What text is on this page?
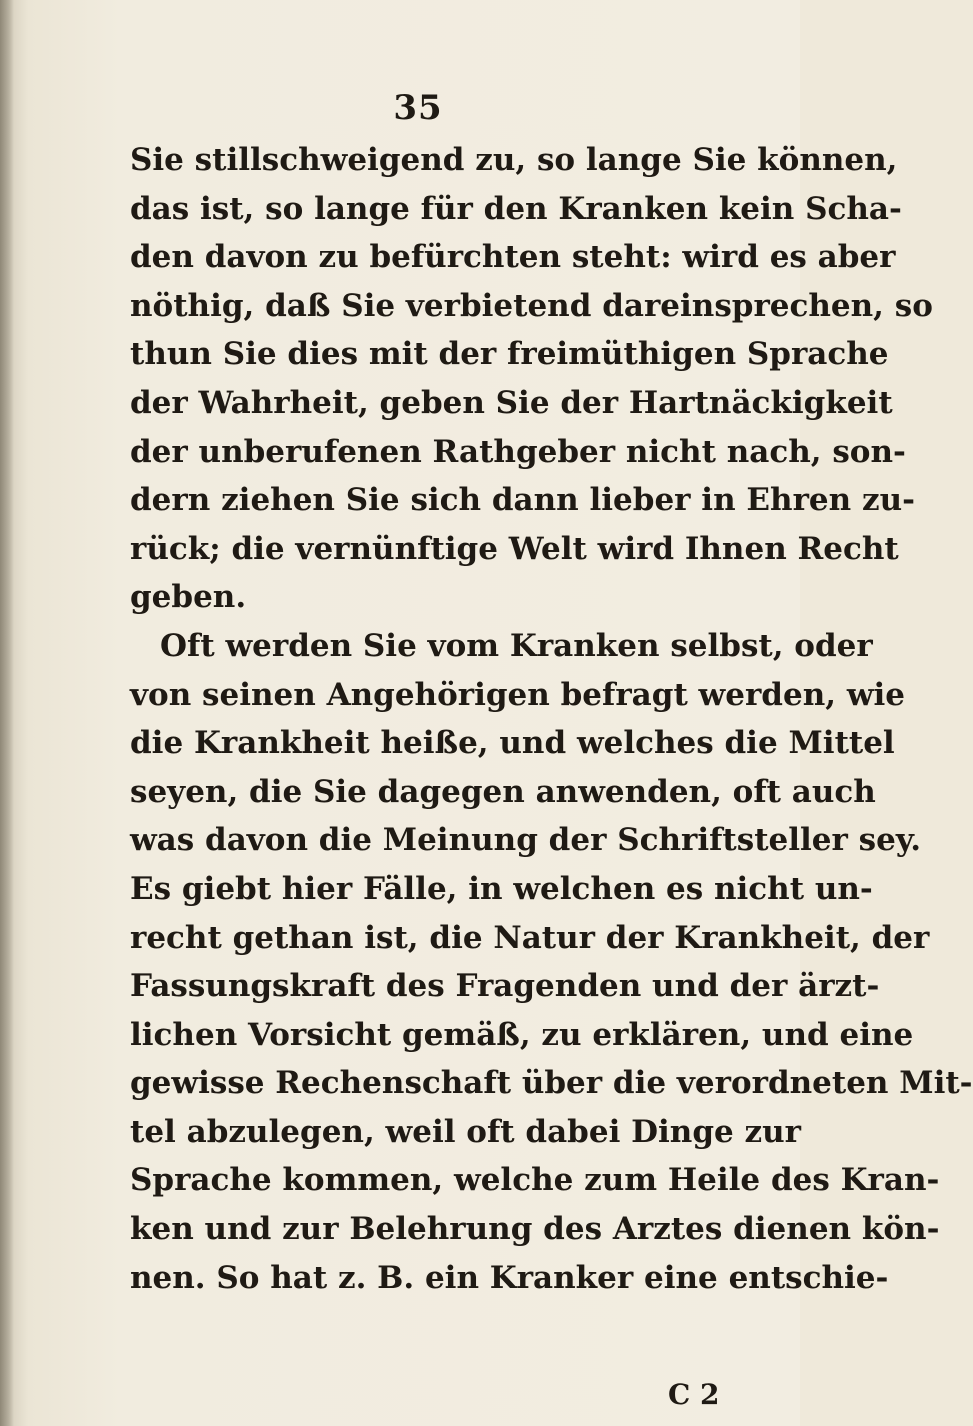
35
Sie stillschweigend zu, so lange Sie können,
das ist, so lange für den Kranken kein Scha-
den davon zu befürchten steht: wird es aber
nöthig, daß Sie verbietend dareinsprechen, so
thun Sie dies mit der freimüthigen Sprache
der Wahrheit, geben Sie der Hartnäckigkeit
der unberufenen Rathgeber nicht nach, son-
dern ziehen Sie sich dann lieber in Ehren zu-
rück; die vernünftige Welt wird Ihnen Recht
geben.
Oft werden Sie vom Kranken selbst, oder
von seinen Angehörigen befragt werden, wie
die Krankheit heiße, und welches die Mittel
seyen, die Sie dagegen anwenden, oft auch
was davon die Meinung der Schriftsteller sey.
Es giebt hier Fälle, in welchen es nicht un-
recht gethan ist, die Natur der Krankheit, der
Fassungskraft des Fragenden und der ärzt-
lichen Vorsicht gemäß, zu erklären, und eine
gewisse Rechenschaft über die verordneten Mit-
tel abzulegen, weil oft dabei Dinge zur
Sprache kommen, welche zum Heile des Kran-
ken und zur Belehrung des Arztes dienen kön-
nen. So hat z. B. ein Kranker eine entschie-
C 2
